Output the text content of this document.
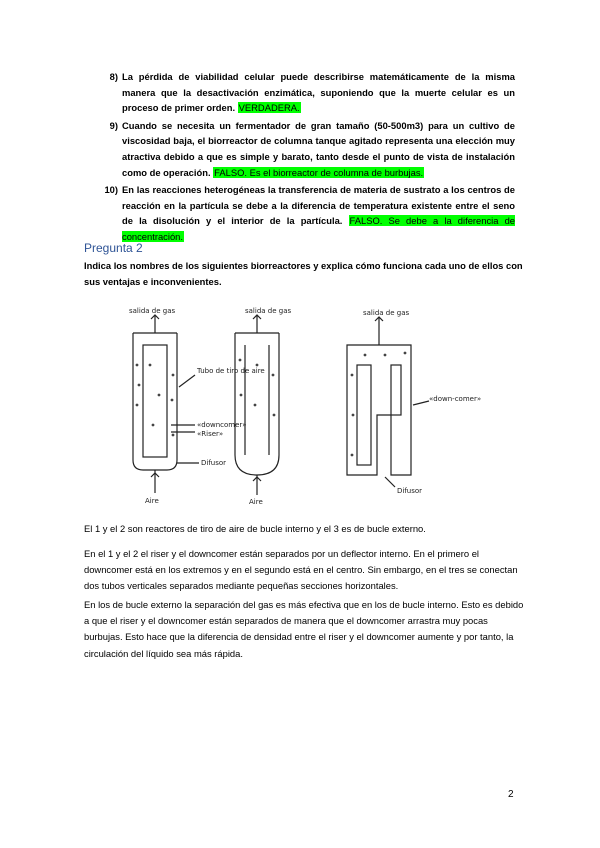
8) La pérdida de viabilidad celular puede describirse matemáticamente de la misma manera que la desactivación enzimática, suponiendo que la muerte celular es un proceso de primer orden. VERDADERA.
9) Cuando se necesita un fermentador de gran tamaño (50-500m3) para un cultivo de viscosidad baja, el biorreactor de columna tanque agitado representa una elección muy atractiva debido a que es simple y barato, tanto desde el punto de vista de instalación como de operación. FALSO. Es el biorreactor de columna de burbujas.
10) En las reacciones heterogéneas la transferencia de materia de sustrato a los centros de reacción en la partícula se debe a la diferencia de temperatura existente entre el seno de la disolución y el interior de la partícula. FALSO. Se debe a la diferencia de concentración.
Pregunta 2
Indica los nombres de los siguientes biorreactores y explica cómo funciona cada uno de ellos con sus ventajas e inconvenientes.
salida de gas
Tubo de tiro de aire
«downcomer»
«Riser»
Difusor
Aire
salida de gas
Aire
salida de gas
«down-comer»
Difusor
El 1 y el 2 son reactores de tiro de aire de bucle interno y el 3 es de bucle externo.
En el 1 y el 2 el riser y el downcomer están separados por un deflector interno. En el primero el downcomer está en los extremos y en el segundo está en el centro. Sin embargo, en el tres se conectan dos tubos verticales separados mediante pequeñas secciones horizontales.
En los de bucle externo la separación del gas es más efectiva que en los de bucle interno. Esto es debido a que el riser y el downcomer están separados de manera que el downcomer arrastra muy pocas burbujas. Esto hace que la diferencia de densidad entre el riser y el downcomer aumente y por tanto, la circulación del líquido sea más rápida.
2
